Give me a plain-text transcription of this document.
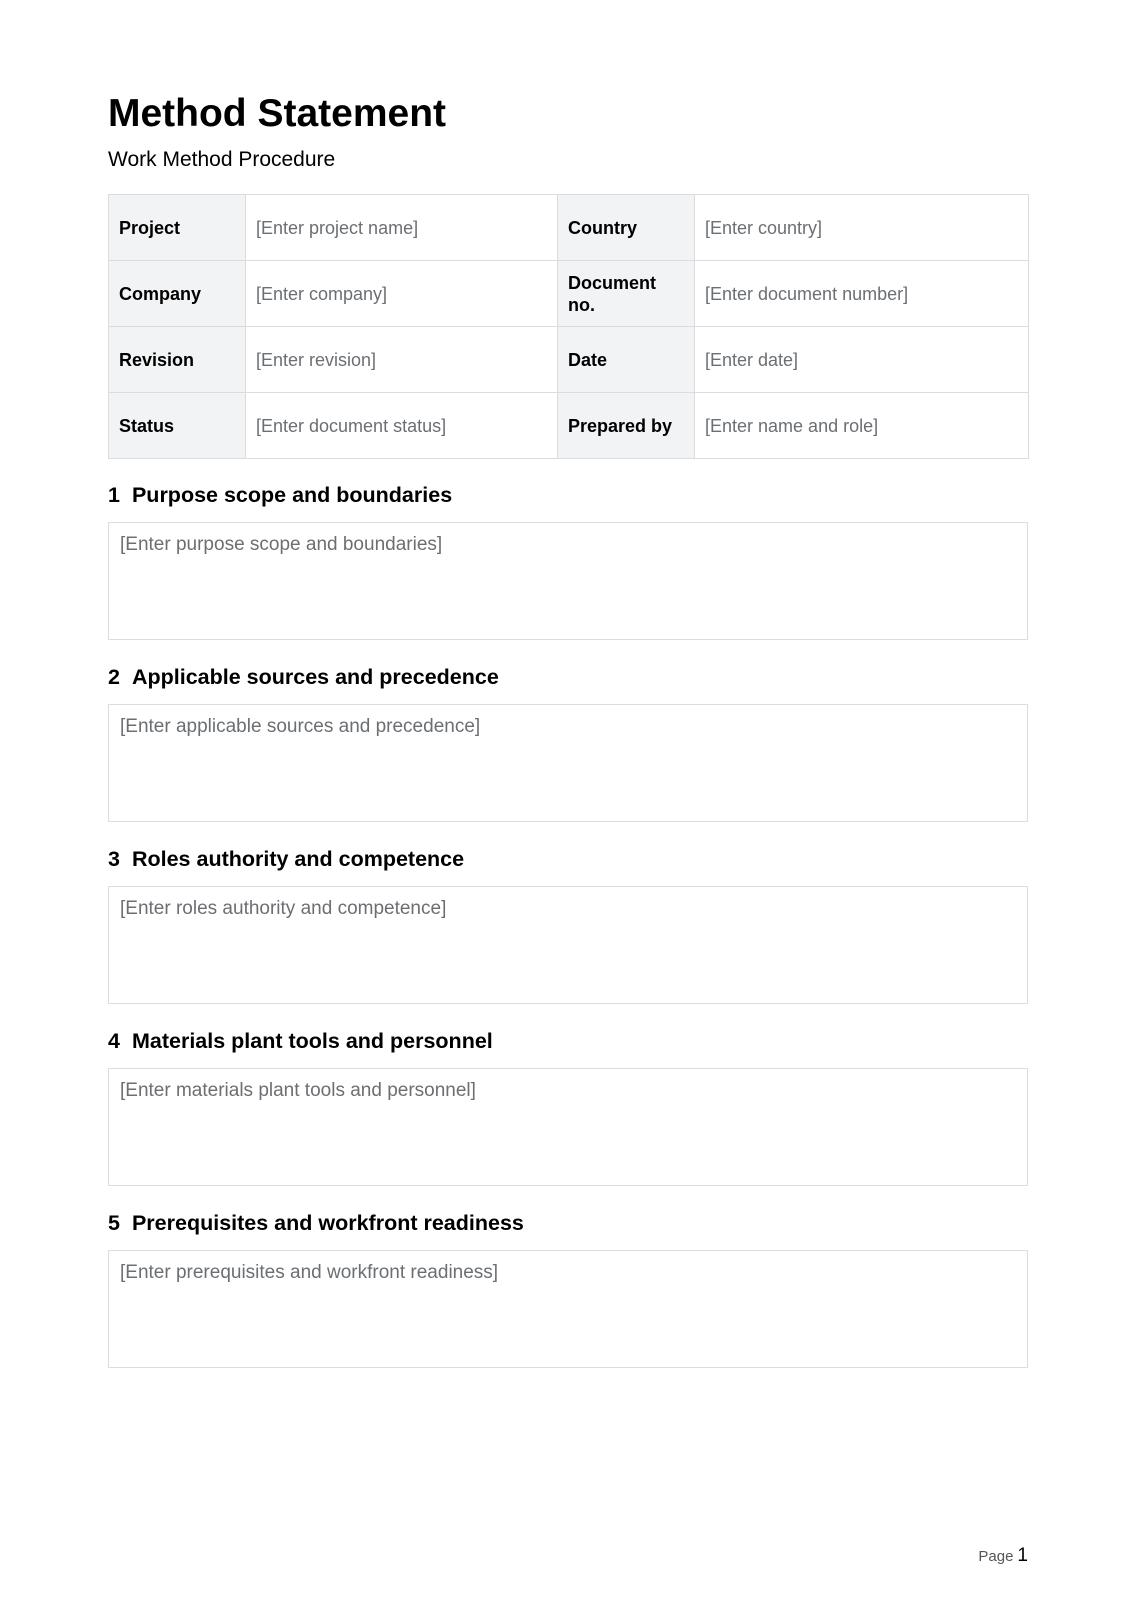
Method Statement

Work Method Procedure

Project	[Enter project name]	Country	[Enter country]
Company	[Enter company]	Document no.	[Enter document number]
Revision	[Enter revision]	Date	[Enter date]
Status	[Enter document status]	Prepared by	[Enter name and role]
1 Purpose scope and boundaries
[Enter purpose scope and boundaries]
2 Applicable sources and precedence
[Enter applicable sources and precedence]
3 Roles authority and competence
[Enter roles authority and competence]
4 Materials plant tools and personnel
[Enter materials plant tools and personnel]
5 Prerequisites and workfront readiness
[Enter prerequisites and workfront readiness]
Page 1
